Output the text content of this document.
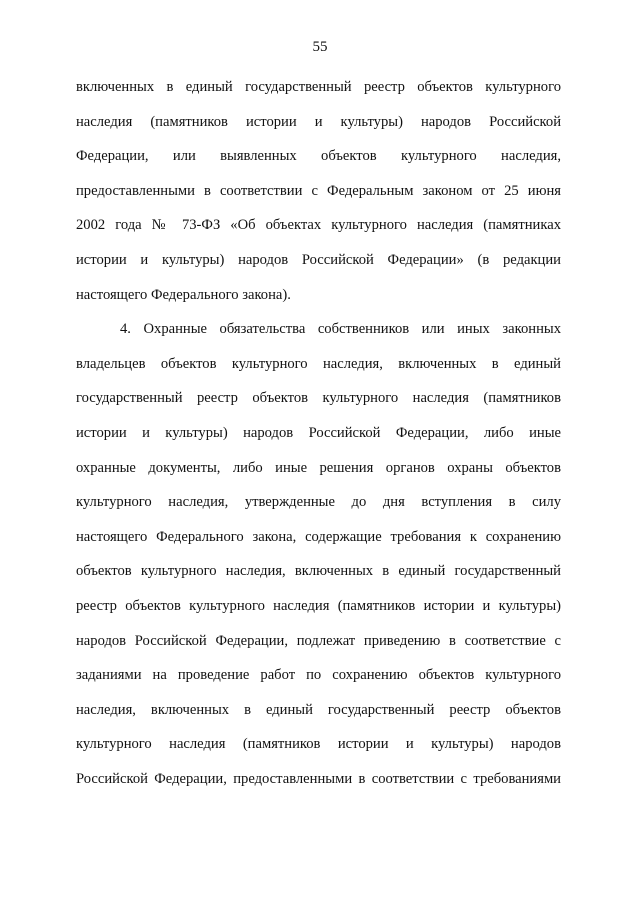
55
включенных в единый государственный реестр объектов культурного
наследия (памятников истории и культуры) народов Российской
Федерации, или выявленных объектов культурного наследия,
предоставленными в соответствии с Федеральным законом от 25 июня
2002 года № 73-ФЗ «Об объектах культурного наследия (памятниках
истории и культуры) народов Российской Федерации» (в редакции
настоящего Федерального закона).
4. Охранные обязательства собственников или иных законных
владельцев объектов культурного наследия, включенных в единый
государственный реестр объектов культурного наследия (памятников
истории и культуры) народов Российской Федерации, либо иные
охранные документы, либо иные решения органов охраны объектов
культурного наследия, утвержденные до дня вступления в силу
настоящего Федерального закона, содержащие требования к сохранению
объектов культурного наследия, включенных в единый государственный
реестр объектов культурного наследия (памятников истории и культуры)
народов Российской Федерации, подлежат приведению в соответствие с
заданиями на проведение работ по сохранению объектов культурного
наследия, включенных в единый государственный реестр объектов
культурного наследия (памятников истории и культуры) народов
Российской Федерации, предоставленными в соответствии с требованиями
